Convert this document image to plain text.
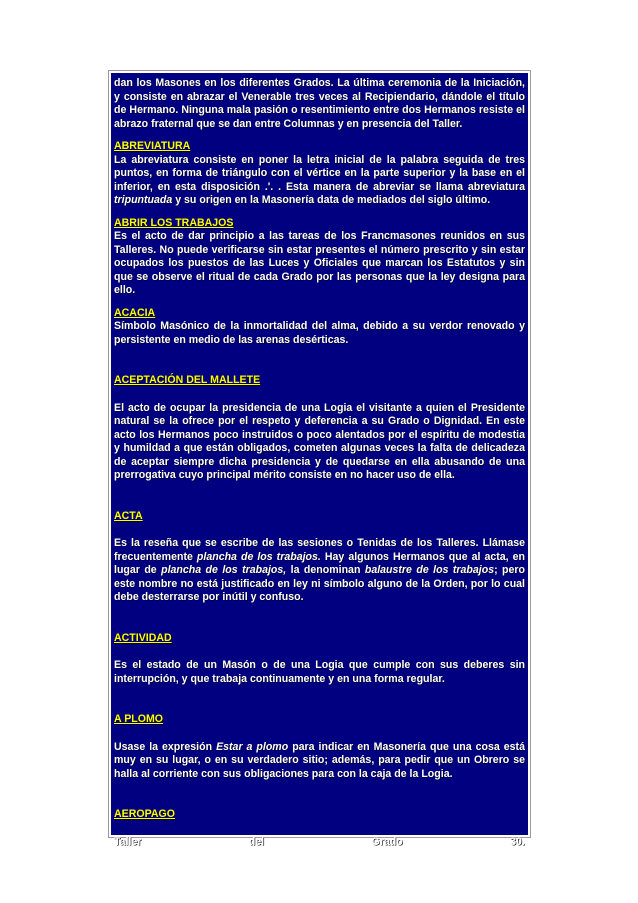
dan los Masones en los diferentes Grados. La última ceremonia de la Iniciación, y consiste en abrazar el Venerable tres veces al Recipiendario, dándole el título de Hermano. Ninguna mala pasión o resentimiento entre dos Hermanos resiste el abrazo fraternal que se dan entre Columnas y en presencia del Taller.

ABREVIATURA

La abreviatura consiste en poner la letra inicial de la palabra seguida de tres puntos, en forma de triángulo con el vértice en la parte superior y la base en el inferior, en esta disposición .'. . Esta manera de abreviar se llama abreviatura tripuntuada y su origen en la Masonería data de mediados del siglo último.

ABRIR LOS TRABAJOS

Es el acto de dar principio a las tareas de los Francmasones reunidos en sus Talleres. No puede verificarse sin estar presentes el número prescrito y sin estar ocupados los puestos de las Luces y Oficiales que marcan los Estatutos y sin que se observe el ritual de cada Grado por las personas que la ley designa para ello.

ACACIA

Símbolo Masónico de la inmortalidad del alma, debido a su verdor renovado y persistente en medio de las arenas desérticas.

ACEPTACIÓN DEL MALLETE

El acto de ocupar la presidencia de una Logia el visitante a quien el Presidente natural se la ofrece por el respeto y deferencia a su Grado o Dignidad. En este acto los Hermanos poco instruidos o poco alentados por el espíritu de modestia y humildad a que están obligados, cometen algunas veces la falta de delicadeza de aceptar siempre dicha presidencia y de quedarse en ella abusando de una prerrogativa cuyo principal mérito consiste en no hacer uso de ella.

ACTA

Es la reseña que se escribe de las sesiones o Tenidas de los Talleres. Llámase frecuentemente plancha de los trabajos. Hay algunos Hermanos que al acta, en lugar de plancha de los trabajos, la denominan balaustre de los trabajos; pero este nombre no está justificado en ley ni símbolo alguno de la Orden, por lo cual debe desterrarse por inútil y confuso.

ACTIVIDAD

Es el estado de un Masón o de una Logia que cumple con sus deberes sin interrupción, y que trabaja continuamente y en una forma regular.

A PLOMO

Usase la expresión Estar a plomo para indicar en Masonería que una cosa está muy en su lugar, o en su verdadero sitio; además, para pedir que un Obrero se halla al corriente con sus obligaciones para con la caja de la Logia.

AEROPAGO

Taller	del	Grado	30.
